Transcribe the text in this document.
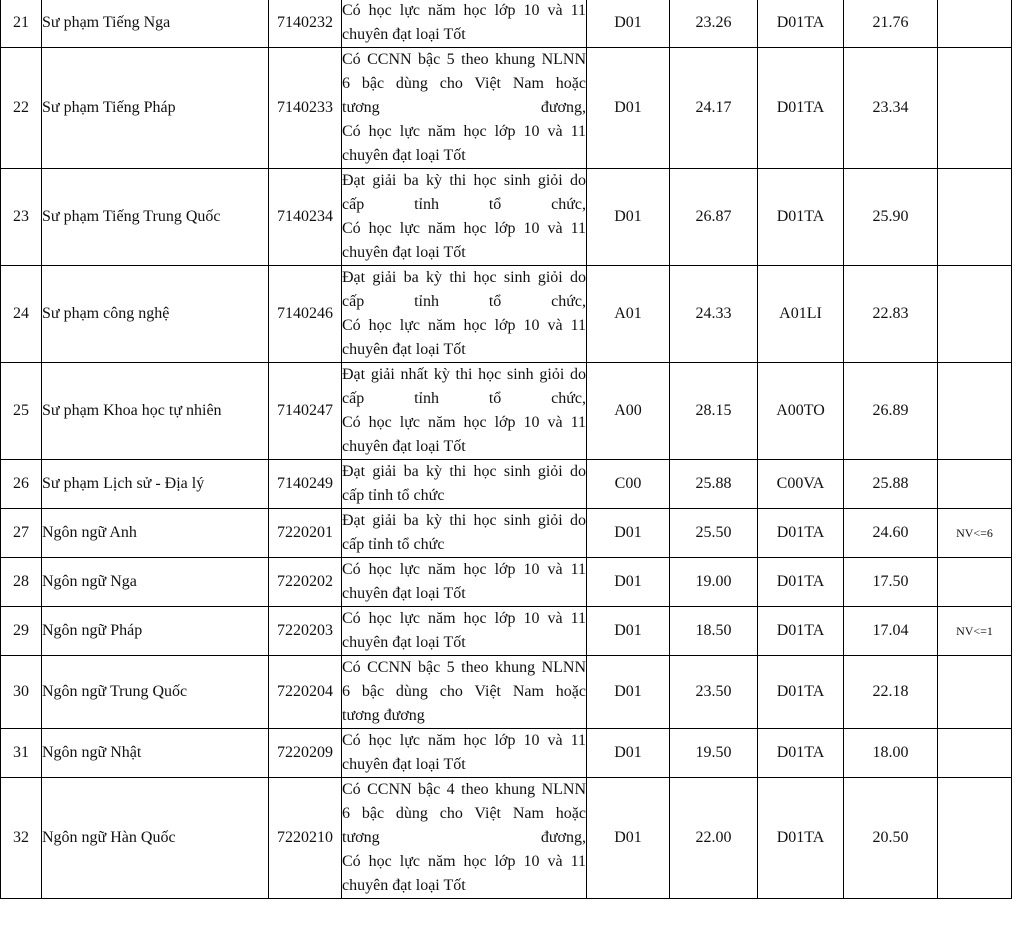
21	Sư phạm Tiếng Nga	7140232	Có học lực năm học lớp 10 và 11
chuyên đạt loại Tốt	D01	23.26	D01TA	21.76	
22	Sư phạm Tiếng Pháp	7140233	Có CCNN bậc 5 theo khung NLNN
6 bậc dùng cho Việt Nam hoặc
tương đương,
Có học lực năm học lớp 10 và 11
chuyên đạt loại Tốt	D01	24.17	D01TA	23.34	
23	Sư phạm Tiếng Trung Quốc	7140234	Đạt giải ba kỳ thi học sinh giỏi do
cấp tỉnh tổ chức,
Có học lực năm học lớp 10 và 11
chuyên đạt loại Tốt	D01	26.87	D01TA	25.90	
24	Sư phạm công nghệ	7140246	Đạt giải ba kỳ thi học sinh giỏi do
cấp tỉnh tổ chức,
Có học lực năm học lớp 10 và 11
chuyên đạt loại Tốt	A01	24.33	A01LI	22.83	
25	Sư phạm Khoa học tự nhiên	7140247	Đạt giải nhất kỳ thi học sinh giỏi do
cấp tỉnh tổ chức,
Có học lực năm học lớp 10 và 11
chuyên đạt loại Tốt	A00	28.15	A00TO	26.89	
26	Sư phạm Lịch sử - Địa lý	7140249	Đạt giải ba kỳ thi học sinh giỏi do
cấp tỉnh tổ chức	C00	25.88	C00VA	25.88	
27	Ngôn ngữ Anh	7220201	Đạt giải ba kỳ thi học sinh giỏi do
cấp tỉnh tổ chức	D01	25.50	D01TA	24.60	NV<=6
28	Ngôn ngữ Nga	7220202	Có học lực năm học lớp 10 và 11
chuyên đạt loại Tốt	D01	19.00	D01TA	17.50	
29	Ngôn ngữ Pháp	7220203	Có học lực năm học lớp 10 và 11
chuyên đạt loại Tốt	D01	18.50	D01TA	17.04	NV<=1
30	Ngôn ngữ Trung Quốc	7220204	Có CCNN bậc 5 theo khung NLNN
6 bậc dùng cho Việt Nam hoặc
tương đương	D01	23.50	D01TA	22.18	
31	Ngôn ngữ Nhật	7220209	Có học lực năm học lớp 10 và 11
chuyên đạt loại Tốt	D01	19.50	D01TA	18.00	
32	Ngôn ngữ Hàn Quốc	7220210	Có CCNN bậc 4 theo khung NLNN
6 bậc dùng cho Việt Nam hoặc
tương đương,
Có học lực năm học lớp 10 và 11
chuyên đạt loại Tốt	D01	22.00	D01TA	20.50	
